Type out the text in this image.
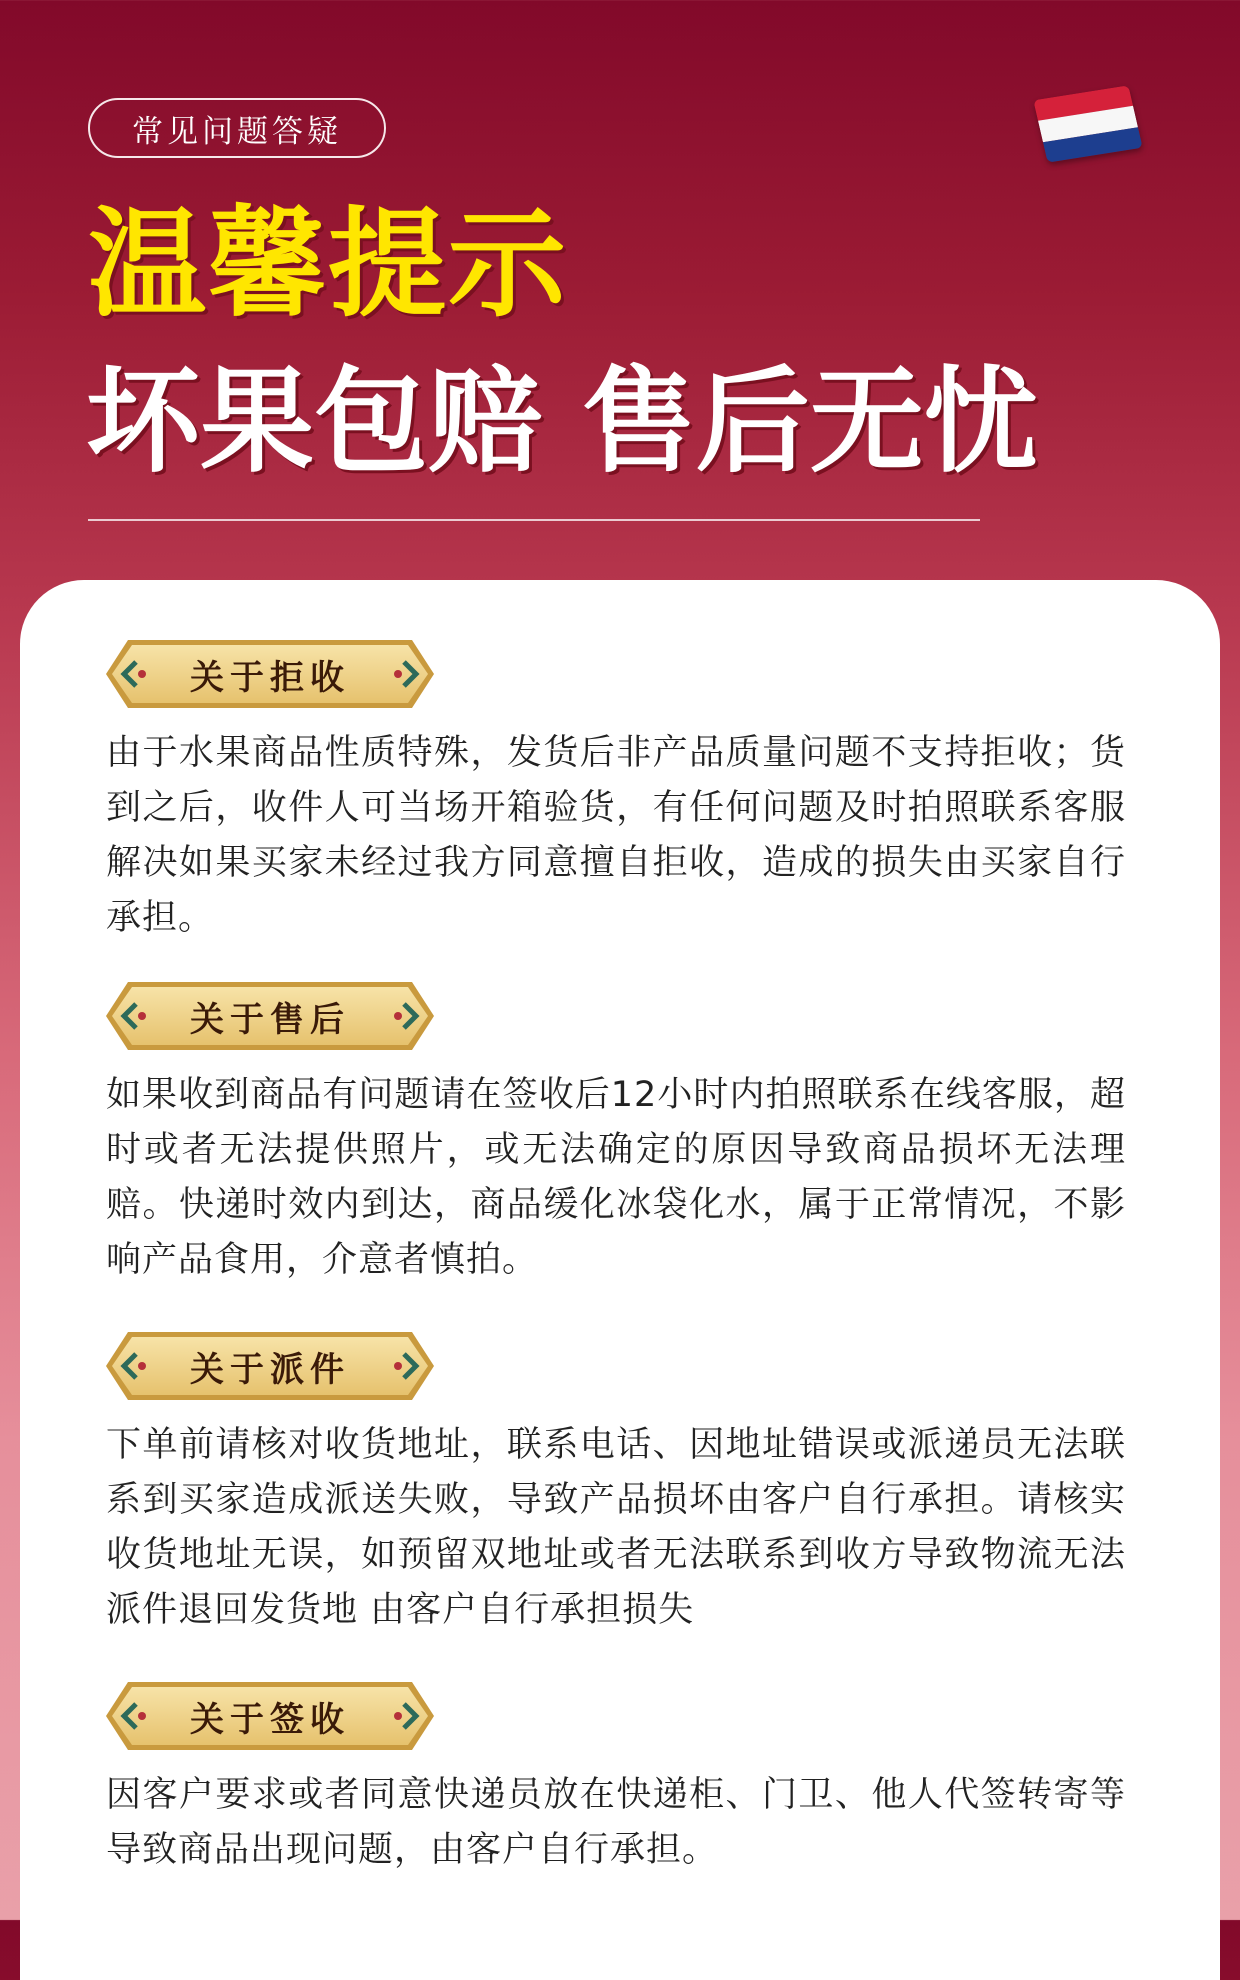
常见问题答疑
温馨提示
坏果包赔 售后无忧
关于拒收
由于水果商品性质特殊，发货后非产品质量问题不支持拒收；货到之后，收件人可当场开箱验货，有任何问题及时拍照联系客服解决如果买家未经过我方同意擅自拒收，造成的损失由买家自行承担。
关于售后
如果收到商品有问题请在签收后12小时内拍照联系在线客服，超时或者无法提供照片，或无法确定的原因导致商品损坏无法理赔。快递时效内到达，商品缓化冰袋化水，属于正常情况，不影响产品食用，介意者慎拍。
关于派件
下单前请核对收货地址，联系电话、因地址错误或派递员无法联系到买家造成派送失败，导致产品损坏由客户自行承担。请核实收货地址无误，如预留双地址或者无法联系到收方导致物流无法派件退回发货地 由客户自行承担损失
关于签收
因客户要求或者同意快递员放在快递柜、门卫、他人代签转寄等导致商品出现问题，由客户自行承担。
